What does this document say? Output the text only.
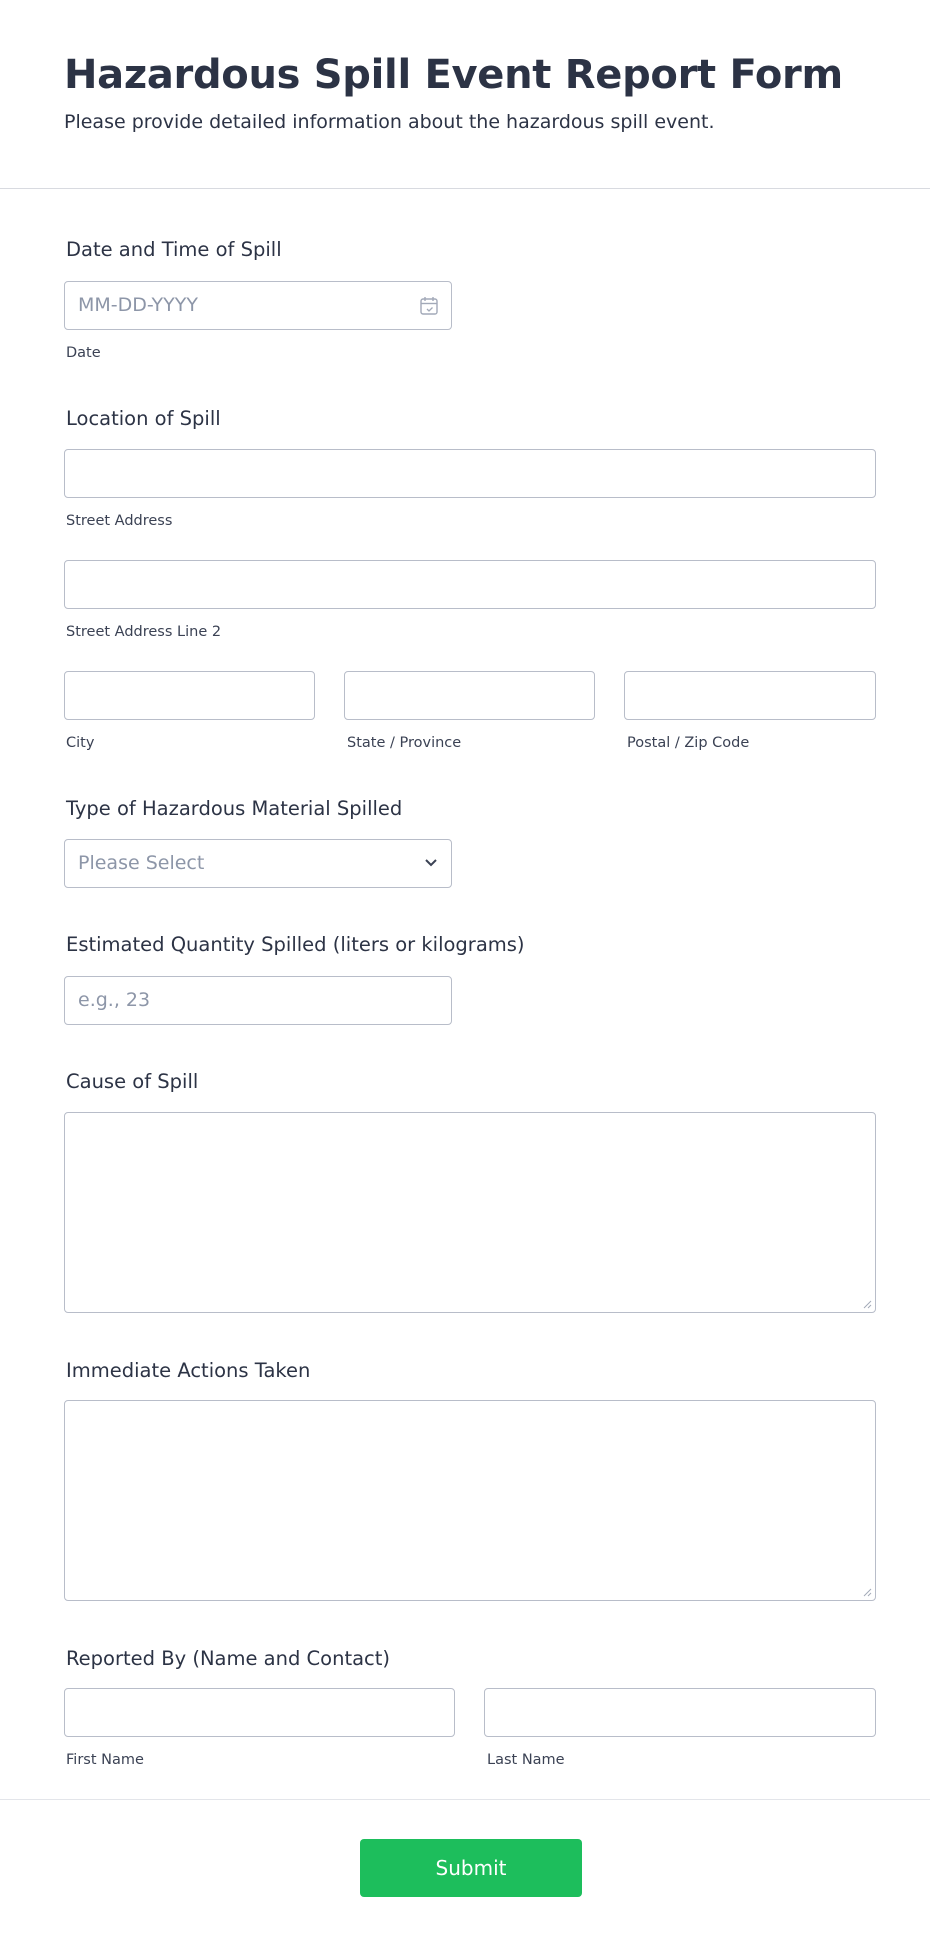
Hazardous Spill Event Report Form
Please provide detailed information about the hazardous spill event.
Date and Time of Spill
MM-DD-YYYY
Date
Location of Spill
Street Address
Street Address Line 2
City	State / Province	Postal / Zip Code
Type of Hazardous Material Spilled
Please Select
Estimated Quantity Spilled (liters or kilograms)
e.g., 23
Cause of Spill
Immediate Actions Taken
Reported By (Name and Contact)
First Name	Last Name
Submit
